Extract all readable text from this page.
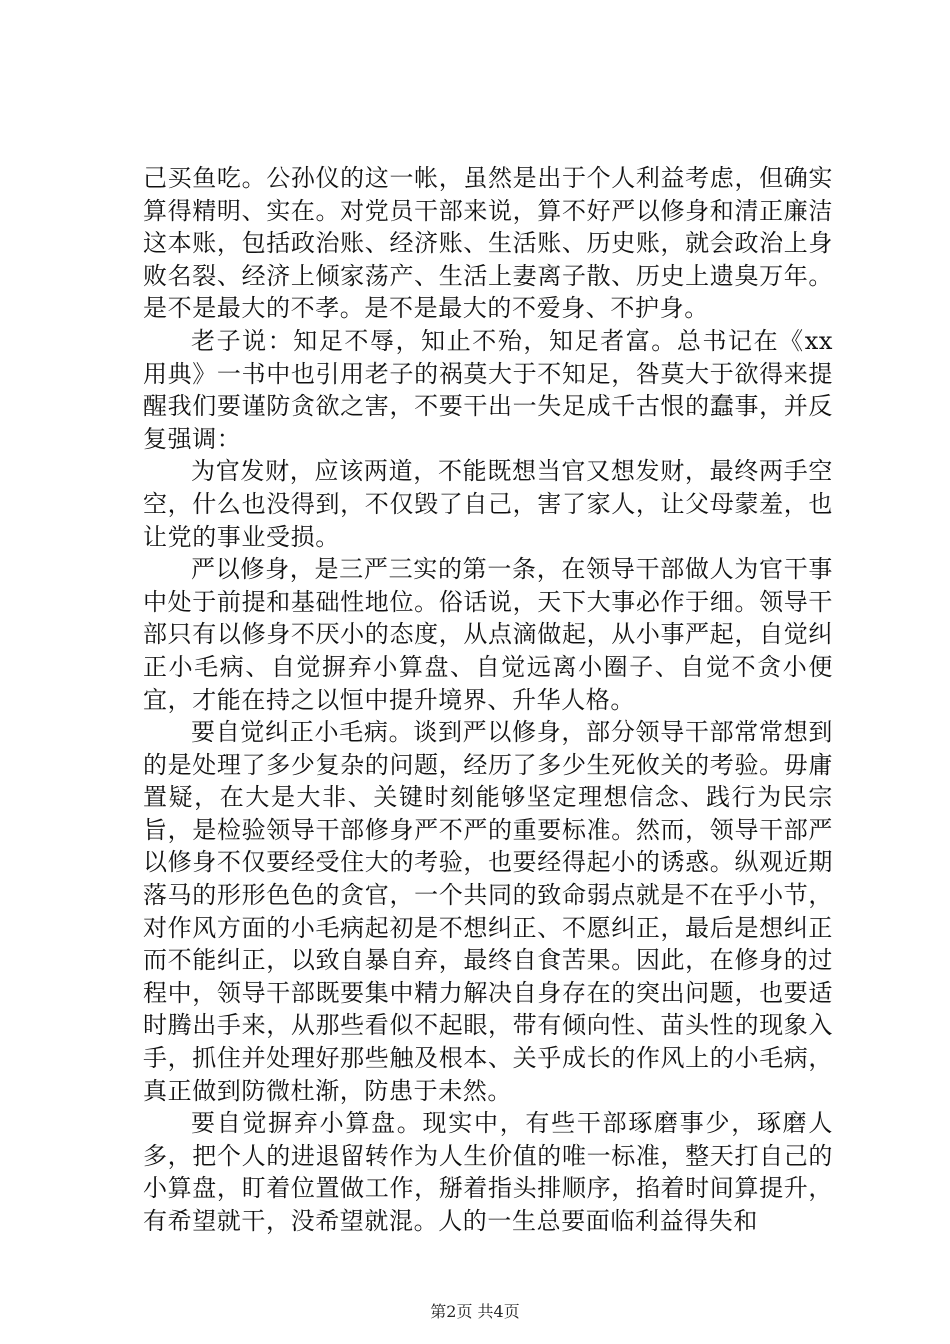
己买鱼吃。公孙仪的这一帐，虽然是出于个人利益考虑，但确实算得精明、实在。对党员干部来说，算不好严以修身和清正廉洁这本账，包括政治账、经济账、生活账、历史账，就会政治上身败名裂、经济上倾家荡产、生活上妻离子散、历史上遗臭万年。是不是最大的不孝。是不是最大的不爱身、不护身。

老子说：知足不辱，知止不殆，知足者富。总书记在《xx用典》一书中也引用老子的祸莫大于不知足，咎莫大于欲得来提醒我们要谨防贪欲之害，不要干出一失足成千古恨的蠢事，并反复强调：

为官发财，应该两道，不能既想当官又想发财，最终两手空空，什么也没得到，不仅毁了自己，害了家人，让父母蒙羞，也让党的事业受损。

严以修身，是三严三实的第一条，在领导干部做人为官干事中处于前提和基础性地位。俗话说，天下大事必作于细。领导干部只有以修身不厌小的态度，从点滴做起，从小事严起，自觉纠正小毛病、自觉摒弃小算盘、自觉远离小圈子、自觉不贪小便宜，才能在持之以恒中提升境界、升华人格。

要自觉纠正小毛病。谈到严以修身，部分领导干部常常想到的是处理了多少复杂的问题，经历了多少生死攸关的考验。毋庸置疑，在大是大非、关键时刻能够坚定理想信念、践行为民宗旨，是检验领导干部修身严不严的重要标准。然而，领导干部严以修身不仅要经受住大的考验，也要经得起小的诱惑。纵观近期落马的形形色色的贪官，一个共同的致命弱点就是不在乎小节，对作风方面的小毛病起初是不想纠正、不愿纠正，最后是想纠正而不能纠正，以致自暴自弃，最终自食苦果。因此，在修身的过程中，领导干部既要集中精力解决自身存在的突出问题，也要适时腾出手来，从那些看似不起眼，带有倾向性、苗头性的现象入手，抓住并处理好那些触及根本、关乎成长的作风上的小毛病，真正做到防微杜渐，防患于未然。

要自觉摒弃小算盘。现实中，有些干部琢磨事少，琢磨人多，把个人的进退留转作为人生价值的唯一标准，整天打自己的小算盘，盯着位置做工作，掰着指头排顺序，掐着时间算提升，有希望就干，没希望就混。人的一生总要面临利益得失和

第2页 共4页
